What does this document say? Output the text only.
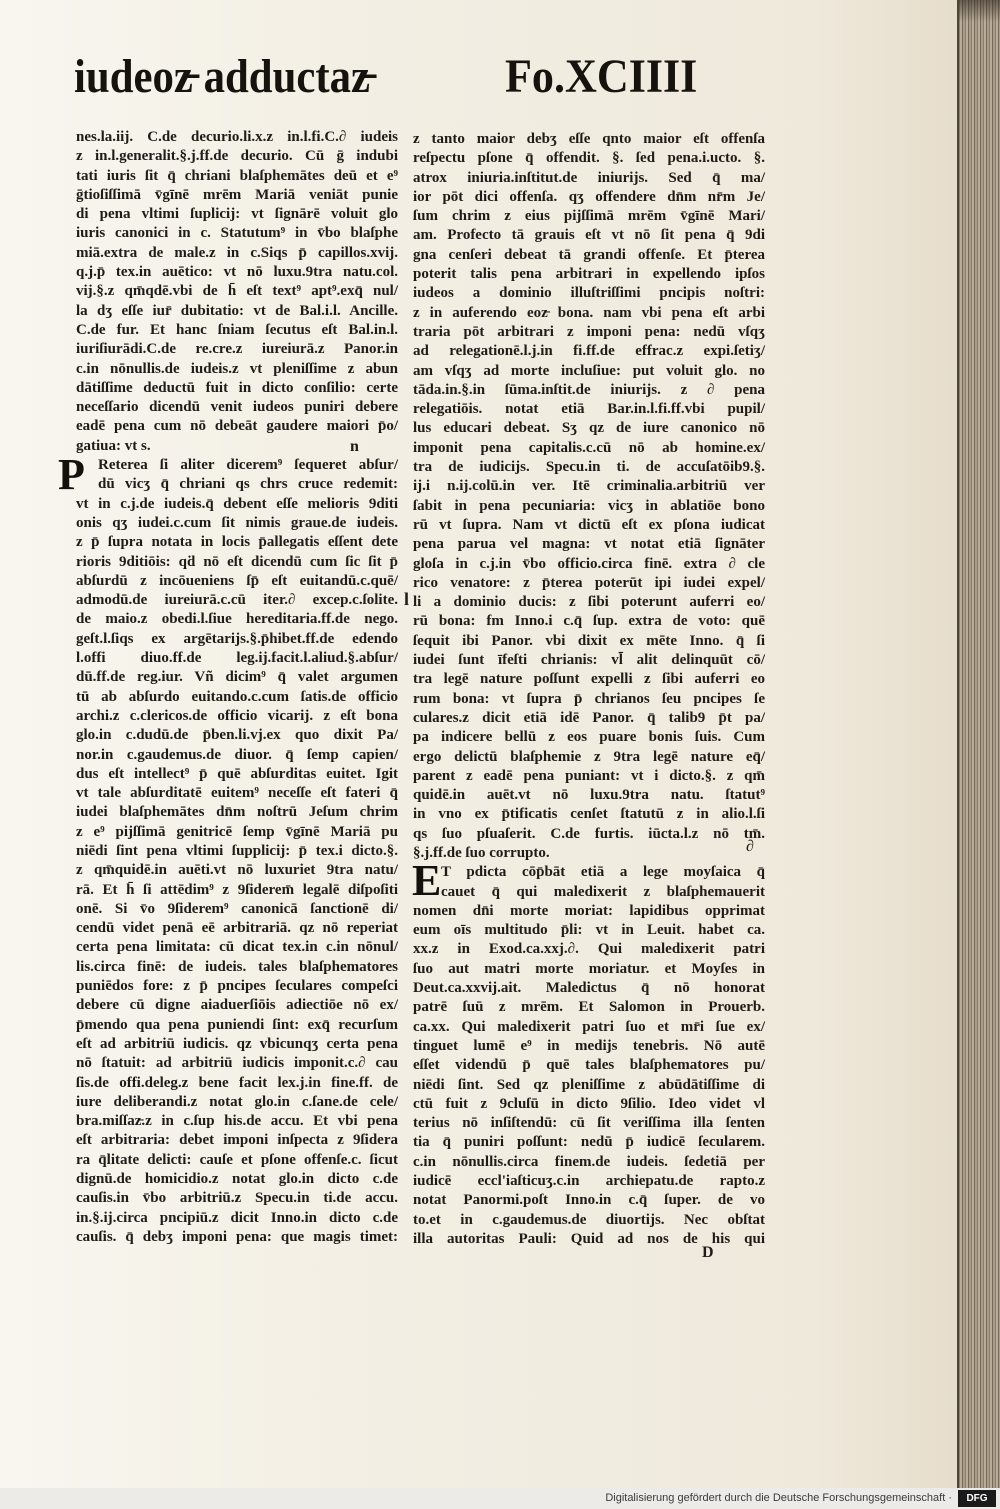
iudeoz̵ adductaz̵	Fo.XCIIII
nes.la.iij. C.de decurio.li.x.z in.l.fi.C.∂ iudeis
z in.l.generalit.§.j.ff.de decurio. Cū ḡ indubi
tati iuris ſit q̄ chriani blaſphemātes deū et e⁹
ḡtioſiſſimā v̄gīnē mrēm Mariā veniāt punie
di pena vltimi ſuplicij: vt ſignārē voluit glo
iuris canonici in c. Statutum⁹ in v̄bo blaſphe
miā.extra de male.z in c.Siqs p̄ capillos.xvij.
q.j.p̄ tex.in auētico: vt nō luxu.9tra natu.col.
vij.§.z qm̄qdē.vbi de h̄ eſt text⁹ apt⁹.exq̄ nul/
la dʒ eſſe iur̄ dubitatio: vt de Bal.i.l. Ancille.
C.de fur. Et hanc ſniam ſecutus eſt Bal.in.l.
iuriſiurādi.C.de re.cre.z iureiurā.z Panor.in
c.in nōnullis.de iudeis.z vt pleniſſime z abun
dātiſſime deductū fuit in dicto conſilio: certe
neceſſario dicendū venit iudeos puniri debere
eadē pena cum nō debeāt gaudere maiori p̄o/
gatiua: vt s.
Reterea ſi aliter dicerem⁹ ſequeret abſur/
dū vicʒ q̄ chriani qs chrs cruce redemit:
vt in c.j.de iudeis.q̄ debent eſſe melioris 9diti
onis qʒ iudei.c.cum ſit nimis graue.de iudeis.
z p̄ ſupra notata in locis p̄allegatis eſſent dete
rioris 9ditiōis: qḋ nō eſt dicendū cum ſic ſit p̄
abſurdū z incōueniens ſp̄ eſt euitandū.c.quē/
admodū.de iureiurā.c.cū iter.∂ excep.c.ſolite.
de maio.z obedi.l.ſiue hereditaria.ff.de nego.
geſt.l.ſiqs ex argētarijs.§.p̄hibet.ff.de edendo
l.offi diuo.ff.de leg.ij.facit.l.aliud.§.abſur/
dū.ff.de reg.iur. Vñ dicim⁹ q̄ valet argumen
tū ab abſurdo euitando.c.cum ſatis.de officio
archi.z c.clericos.de officio vicarij. z eſt bona
glo.in c.dudū.de p̄ben.li.vj.ex quo dixit Pa/
nor.in c.gaudemus.de diuor. q̄ ſemp capien/
dus eſt intellect⁹ p̄ quē abſurditas euitet. Igit
vt tale abſurditatē euitem⁹ neceſſe eſt fateri q̄
iudei blaſphemātes dn̄m noſtrū Jeſum chrim
z e⁹ pijſſimā genitricē ſemp v̄gīnē Mariā pu
niēdi ſint pena vltimi ſupplicij: p̄ tex.i dicto.§.
z qm̄quidē.in auēti.vt nō luxuriet 9tra natu/
rā. Et h̄ ſi attēdim⁹ z 9ſiderem̄ legalē diſpoſiti
onē. Si v̄o 9ſiderem⁹ canonicā ſanctionē di/
cendū videt penā eē arbitrariā. qz nō reperiat
certa pena limitata: cū dicat tex.in c.in nōnul/
lis.circa finē: de iudeis. tales blaſphematores
puniēdos fore: z p̄ pncipes ſeculares compeſci
debere cū digne aiaduerſiōis adiectiōe nō ex/
p̄mendo qua pena puniendi ſint: exq̄ recurſum
eſt ad arbitriū iudicis. qz vbicunqʒ certa pena
nō ſtatuit: ad arbitriū iudicis imponit.c.∂ cau
ſis.de offi.deleg.z bene facit lex.j.in fine.ff. de
iure deliberandi.z notat glo.in c.ſane.de cele/
bra.miſſaz̵.z in c.ſup his.de accu. Et vbi pena
eſt arbitraria: debet imponi inſpecta z 9ſidera
ra q̄litate delicti: cauſe et pſone offenſe.c. ſicut
dignū.de homicidio.z notat glo.in dicto c.de
cauſis.in v̄bo arbitriū.z Specu.in ti.de accu.
in.§.ij.circa pncipiū.z dicit Inno.in dicto c.de
cauſis. q̄ debʒ imponi pena: que magis timet:
z tanto maior debʒ eſſe qnto maior eſt offenſa
reſpectu pſone q̄ offendit. §. ſed pena.i.ucto. §.
atrox iniuria.inſtitut.de iniurijs. Sed q̄ ma/
ior pōt dici offenſa. qʒ offendere dn̄m nr̄m Je/
ſum chrim z eius pijſſimā mrēm v̄gīnē Mari/
am. Profecto tā grauis eſt vt nō ſit pena q̄ 9di
gna cenſeri debeat tā grandi offenſe. Et p̄terea
poterit talis pena arbitrari in expellendo ipſos
iudeos a dominio illuſtriſſimi pncipis noſtri:
z in auferendo eoz̵ bona. nam vbi pena eſt arbi
traria pōt arbitrari z imponi pena: nedū vſqʒ
ad relegationē.l.j.in fi.ff.de effrac.z expi.ſetiʒ/
am vſqʒ ad morte incluſiue: put voluit glo. no
tāda.in.§.in ſūma.inſtit.de iniurijs. z ∂ pena
relegatiōis. notat etiā Bar.in.l.fi.ff.vbi pupil/
lus educari debeat. Sʒ qz de iure canonico nō
imponit pena capitalis.c.cū nō ab homine.ex/
tra de iudicijs. Specu.in ti. de accuſatōib9.§.
ij.i n.ij.colū.in ver. Itē criminalia.arbitriū ver
ſabit in pena pecuniaria: vicʒ in ablatiōe bono
rū vt ſupra. Nam vt dictū eſt ex pſona iudicat
pena parua vel magna: vt notat etiā ſignāter
gloſa in c.j.in v̄bo officio.circa finē. extra ∂ cle
rico venatore: z p̄terea poterūt ipi iudei expel/
li a dominio ducis: z ſibi poterunt auferri eo/
rū bona: fm Inno.i c.q̄ ſup. extra de voto: quē
ſequit ibi Panor. vbi dixit ex mēte Inno. q̄ ſi
iudei ſunt īfeſti chrianis: vl̄ alit delinquūt cō/
tra legē nature poſſunt expelli z ſibi auferri eo
rum bona: vt ſupra p̄ chrianos ſeu pncipes ſe
culares.z dicit etiā idē Panor. q̄ talib9 p̄t pa/
pa indicere bellū z eos puare bonis ſuis. Cum
ergo delictū blaſphemie z 9tra legē nature eq̄/
parent z eadē pena puniant: vt i dicto.§. z qm̄
quidē.in auēt.vt nō luxu.9tra natu. ſtatut⁹
in vno ex p̄tificatis cenſet ſtatutū z in alio.l.ſi
qs ſuo pſuaſerit. C.de furtis. iūcta.l.z nō tm̄.
§.j.ff.de ſuo corrupto.
T pdicta cōp̄bāt etiā a lege moyſaica q̄
cauet q̄ qui maledixerit z blaſphemauerit
nomen dn̄i morte moriat: lapidibus opprimat
eum oīs multitudo p̄li: vt in Leuit. habet ca.
xx.z in Exod.ca.xxj.∂. Qui maledixerit patri
ſuo aut matri morte moriatur. et Moyſes in
Deut.ca.xxvij.ait. Maledictus q̄ nō honorat
patrē ſuū z mrēm. Et Salomon in Prouerb.
ca.xx. Qui maledixerit patri ſuo et mr̄i ſue ex/
tinguet lumē e⁹ in medijs tenebris. Nō autē
eſſet videndū p̄ quē tales blaſphematores pu/
niēdi ſint. Sed qz pleniſſime z abūdātiſſime di
ctū fuit z 9cluſū in dicto 9ſilio. Ideo videt vl
terius nō inſiſtendū: cū ſit veriſſima illa ſenten
tia q̄ puniri poſſunt: nedū p̄ iudicē ſecularem.
c.in nōnullis.circa finem.de iudeis. ſedetiā per
iudicē eccl'iaſticuʒ.c.in archiepatu.de rapto.z
notat Panormi.poſt Inno.in c.q̄ ſuper. de vo
to.et in c.gaudemus.de diuortijs. Nec obſtat
illa autoritas Pauli: Quid ad nos de his qui
P
E
n
∂
l
D
Digitalisierung gefördert durch die Deutsche Forschungsgemeinschaft ·	DFG
